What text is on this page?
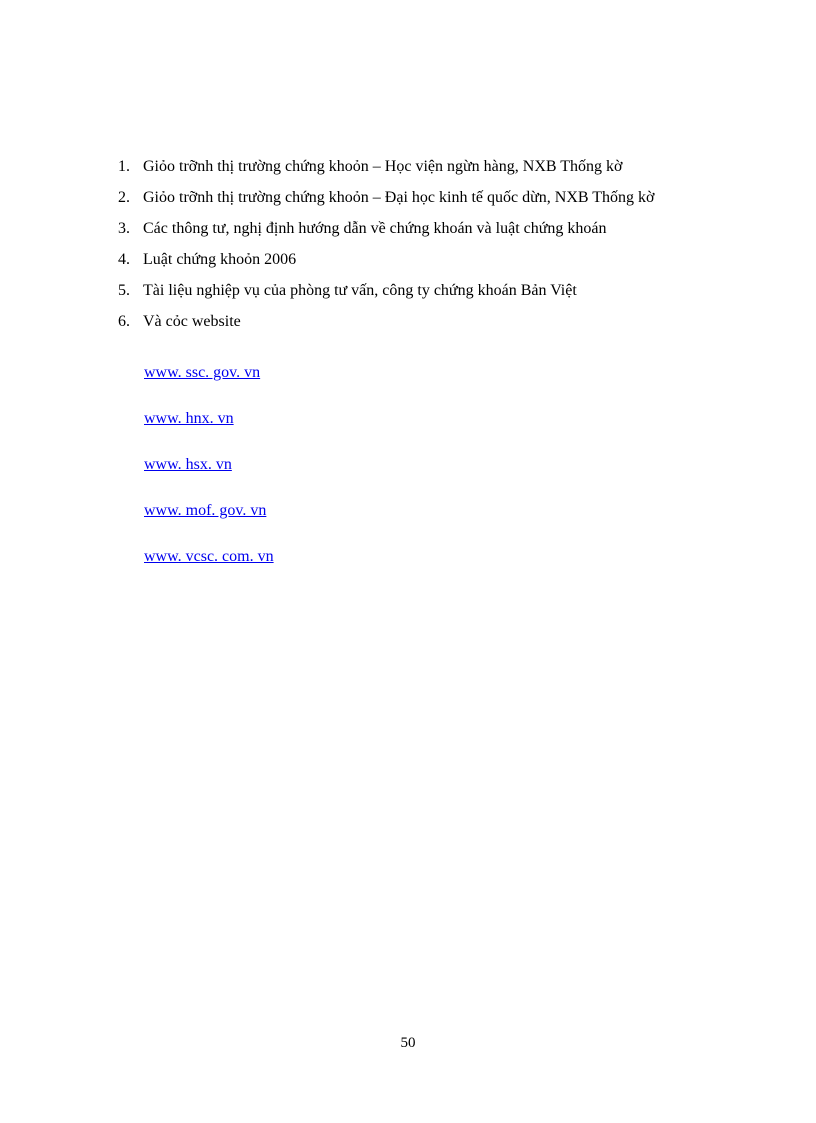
1. Giỏo trỡnh thị trường chứng khoỏn – Học viện ngừn hàng, NXB Thống kờ
2. Giỏo trỡnh thị trường chứng khoỏn – Đại học kinh tế quốc dừn, NXB Thống kờ
3. Các thông tư, nghị định hướng dẫn về chứng khoán và luật chứng khoán
4. Luật chứng khoỏn 2006
5. Tài liệu nghiệp vụ của phòng tư vấn, công ty chứng khoán Bản Việt
6. Và cỏc website
www. ssc. gov. vn
www. hnx. vn
www. hsx. vn
www. mof. gov. vn
www. vcsc. com. vn
50
